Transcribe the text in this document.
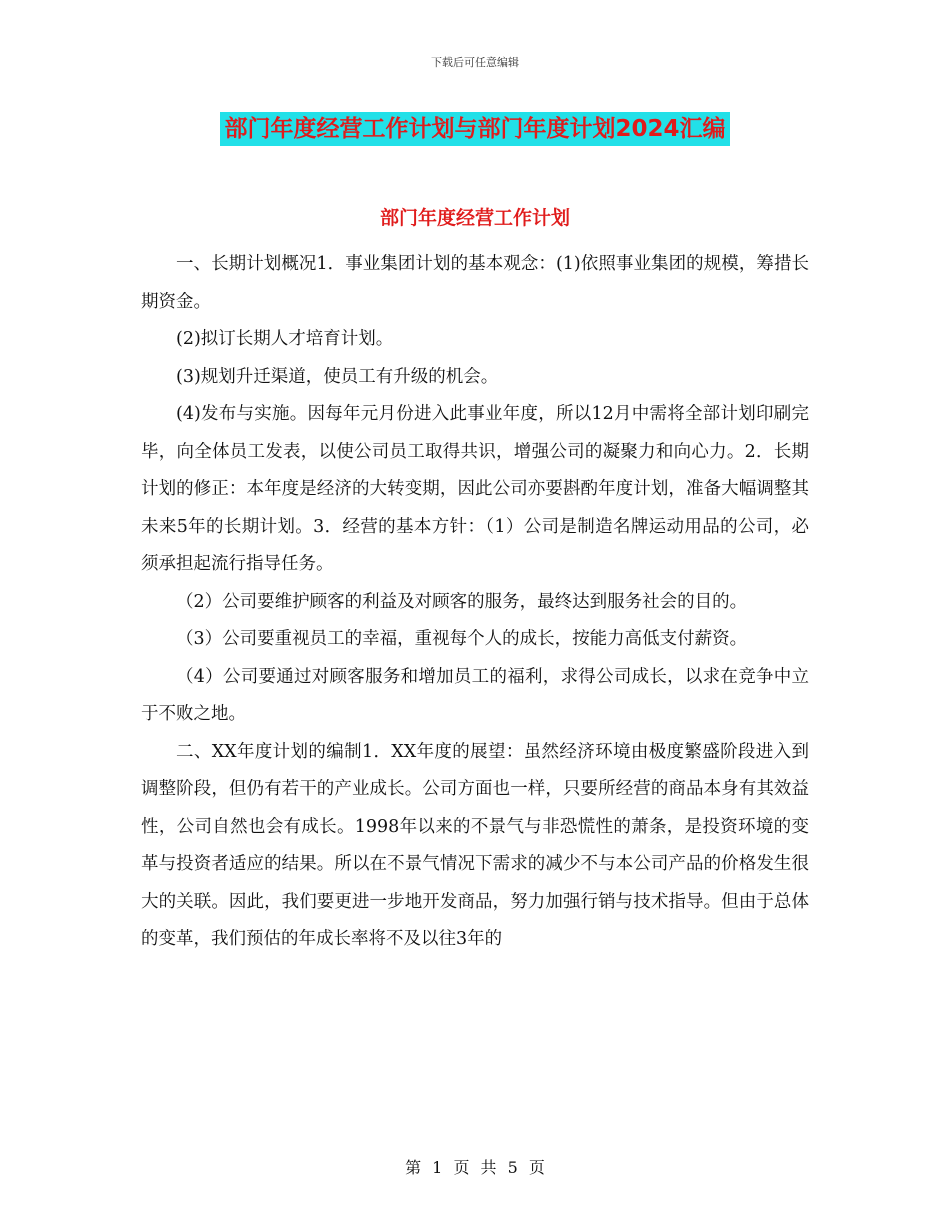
下载后可任意编辑
部门年度经营工作计划与部门年度计划2024汇编
部门年度经营工作计划

一、长期计划概况1．事业集团计划的基本观念：(1)依照事业集团的规模，筹措长期资金。

(2)拟订长期人才培育计划。

(3)规划升迁渠道，使员工有升级的机会。

(4)发布与实施。因每年元月份进入此事业年度，所以12月中需将全部计划印刷完毕，向全体员工发表，以使公司员工取得共识，增强公司的凝聚力和向心力。2．长期计划的修正：本年度是经济的大转变期，因此公司亦要斟酌年度计划，准备大幅调整其未来5年的长期计划。3．经营的基本方针：（1）公司是制造名牌运动用品的公司，必须承担起流行指导任务。

（2）公司要维护顾客的利益及对顾客的服务，最终达到服务社会的目的。

（3）公司要重视员工的幸福，重视每个人的成长，按能力高低支付薪资。

（4）公司要通过对顾客服务和增加员工的福利，求得公司成长，以求在竞争中立于不败之地。

二、XX年度计划的编制1．XX年度的展望：虽然经济环境由极度繁盛阶段进入到调整阶段，但仍有若干的产业成长。公司方面也一样，只要所经营的商品本身有其效益性，公司自然也会有成长。1998年以来的不景气与非恐慌性的萧条，是投资环境的变革与投资者适应的结果。所以在不景气情况下需求的减少不与本公司产品的价格发生很大的关联。因此，我们要更进一步地开发商品，努力加强行销与技术指导。但由于总体的变革，我们预估的年成长率将不及以往3年的

第 1 页 共 5 页
